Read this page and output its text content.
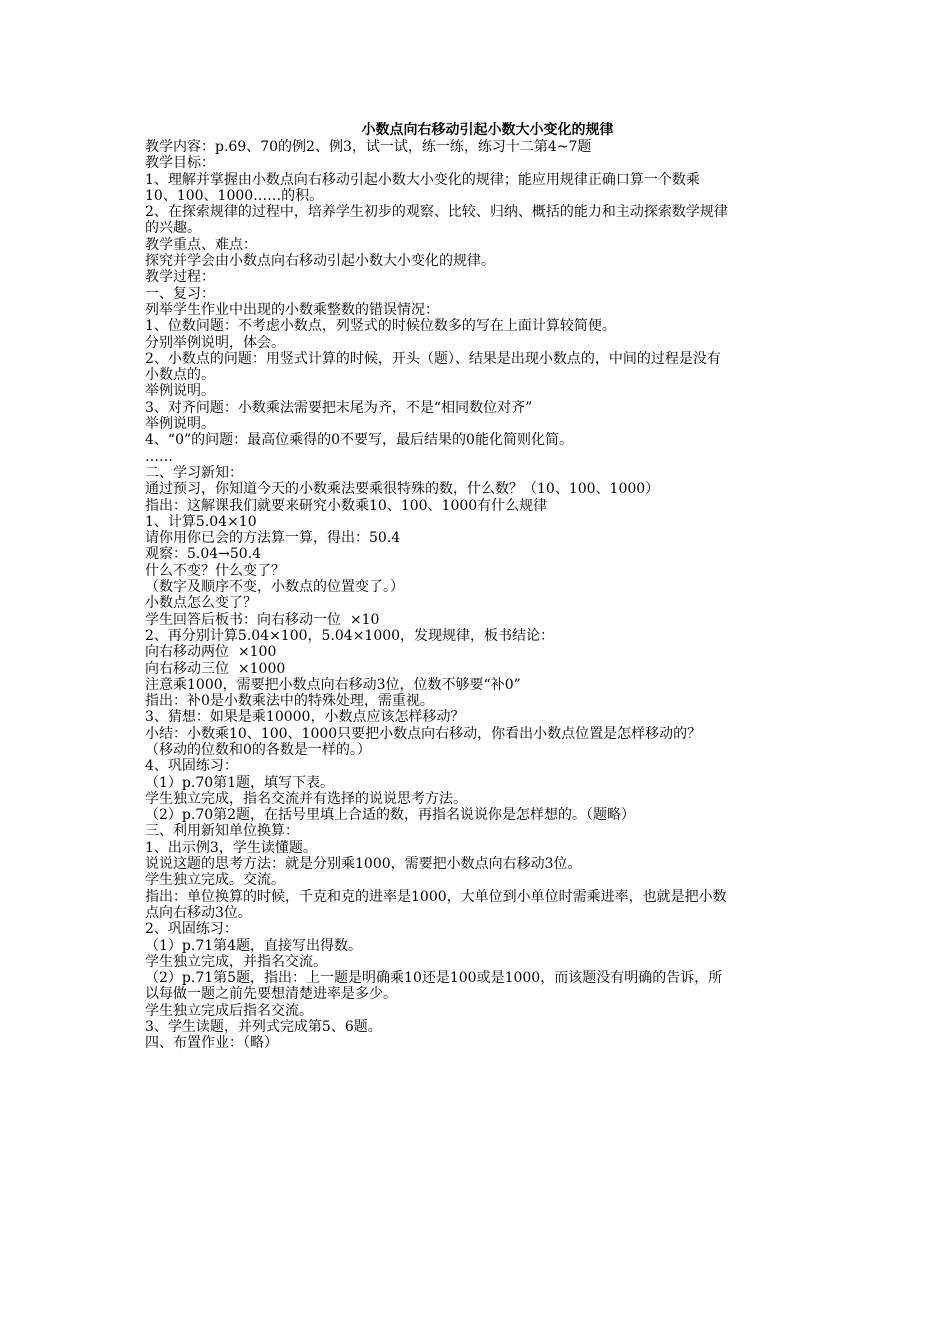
小数点向右移动引起小数大小变化的规律
教学内容：p.69、70的例2、例3，试一试，练一练，练习十二第4~7题
教学目标：
1、理解并掌握由小数点向右移动引起小数大小变化的规律；能应用规律正确口算一个数乘
10、100、1000……的积。
2、在探索规律的过程中，培养学生初步的观察、比较、归纳、概括的能力和主动探索数学规律
的兴趣。
教学重点、难点：
探究并学会由小数点向右移动引起小数大小变化的规律。
教学过程：
一、复习：
列举学生作业中出现的小数乘整数的错误情况：
1、位数问题：不考虑小数点，列竖式的时候位数多的写在上面计算较简便。
分别举例说明，体会。
2、小数点的问题：用竖式计算的时候，开头（题）、结果是出现小数点的，中间的过程是没有
小数点的。
举例说明。
3、对齐问题：小数乘法需要把末尾为齐，不是“相同数位对齐”
举例说明。
4、“0”的问题：最高位乘得的0不要写，最后结果的0能化简则化简。
……
二、学习新知：
通过预习，你知道今天的小数乘法要乘很特殊的数，什么数？（10、100、1000）
指出：这解课我们就要来研究小数乘10、100、1000有什么规律
1、计算5.04×10
请你用你已会的方法算一算，得出：50.4
观察：5.04→50.4
什么不变？什么变了？
（数字及顺序不变，小数点的位置变了。）
小数点怎么变了？
学生回答后板书：向右移动一位  ×10
2、再分别计算5.04×100，5.04×1000，发现规律，板书结论：
向右移动两位  ×100
向右移动三位  ×1000
注意乘1000，需要把小数点向右移动3位，位数不够要“补0”
指出：补0是小数乘法中的特殊处理，需重视。
3、猜想：如果是乘10000，小数点应该怎样移动？
小结：小数乘10、100、1000只要把小数点向右移动，你看出小数点位置是怎样移动的？
（移动的位数和0的各数是一样的。）
4、巩固练习：
（1）p.70第1题，填写下表。
学生独立完成，指名交流并有选择的说说思考方法。
（2）p.70第2题，在括号里填上合适的数，再指名说说你是怎样想的。（题略）
三、利用新知单位换算：
1、出示例3，学生读懂题。
说说这题的思考方法：就是分别乘1000，需要把小数点向右移动3位。
学生独立完成。交流。
指出：单位换算的时候，千克和克的进率是1000，大单位到小单位时需乘进率，也就是把小数
点向右移动3位。
2、巩固练习：
（1）p.71第4题，直接写出得数。
学生独立完成，并指名交流。
（2）p.71第5题，指出：上一题是明确乘10还是100或是1000，而该题没有明确的告诉，所
以每做一题之前先要想清楚进率是多少。
学生独立完成后指名交流。
3、学生读题，并列式完成第5、6题。
四、布置作业：（略）
